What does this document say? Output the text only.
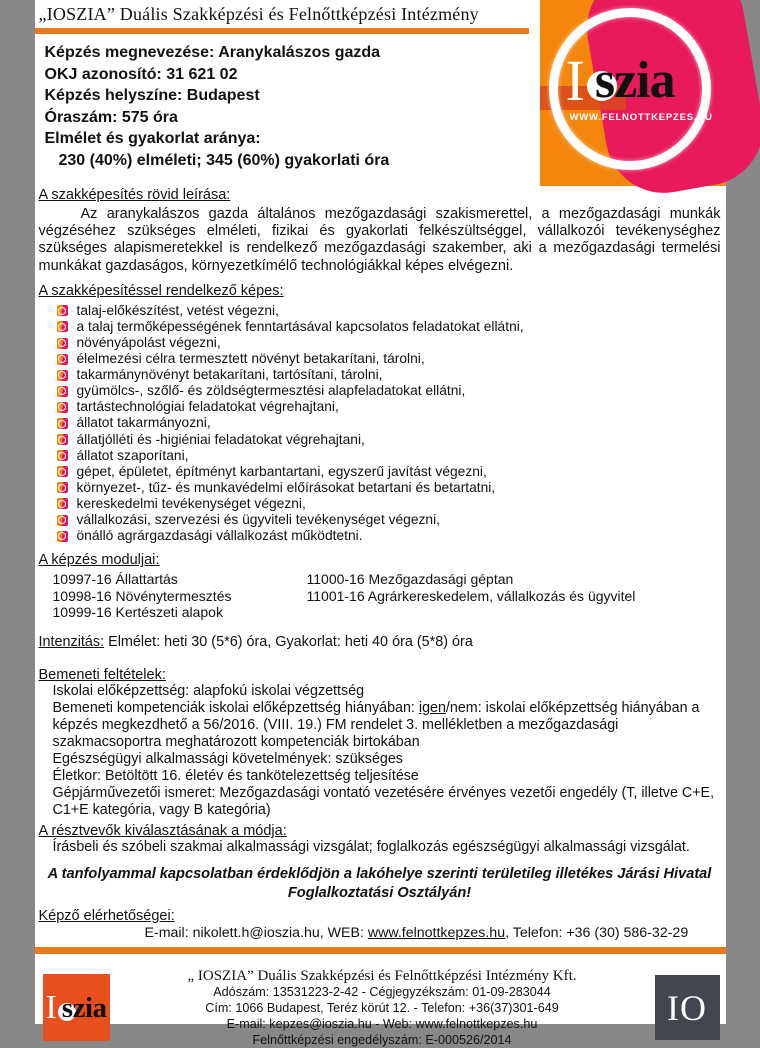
„IOSZIA” Duális Szakképzési és Felnőttképzési Intézmény
I szia
WWW.FELNOTTKEPZES.HU
Képzés megnevezése: Aranykalászos gazda
OKJ azonosító: 31 621 02
Képzés helyszíne: Budapest
Óraszám: 575 óra
Elmélet és gyakorlat aránya:
230 (40%) elméleti; 345 (60%) gyakorlati óra
A szakképesítés rövid leírása:
Az aranykalászos gazda általános mezőgazdasági szakismerettel, a mezőgazdasági munkák végzéséhez szükséges elméleti, fizikai és gyakorlati felkészültséggel, vállalkozói tevékenységhez szükséges alapismeretekkel is rendelkező mezőgazdasági szakember, aki a mezőgazdasági termelési munkákat gazdaságos, környezetkímélő technológiákkal képes elvégezni.
A szakképesítéssel rendelkező képes:
talaj-előkészítést, vetést végezni,
a talaj termőképességének fenntartásával kapcsolatos feladatokat ellátni,
növényápolást végezni,
élelmezési célra termesztett növényt betakarítani, tárolni,
takarmánynövényt betakarítani, tartósítani, tárolni,
gyümölcs-, szőlő- és zöldségtermesztési alapfeladatokat ellátni,
tartástechnológiai feladatokat végrehajtani,
állatot takarmányozni,
állatjólléti és -higiéniai feladatokat végrehajtani,
állatot szaporítani,
gépet, épületet, építményt karbantartani, egyszerű javítást végezni,
környezet-, tűz- és munkavédelmi előírásokat betartani és betartatni,
kereskedelmi tevékenységet végezni,
vállalkozási, szervezési és ügyviteli tevékenységet végezni,
önálló agrárgazdasági vállalkozást működtetni.
A képzés moduljai:
10997-16 Állattartás
10998-16 Növénytermesztés
10999-16 Kertészeti alapok
11000-16 Mezőgazdasági géptan
11001-16 Agrárkereskedelem, vállalkozás és ügyvitel
Intenzitás: Elmélet: heti 30 (5*6) óra, Gyakorlat: heti 40 óra (5*8) óra
Bemeneti feltételek:
Iskolai előképzettség: alapfokú iskolai végzettség
Bemeneti kompetenciák iskolai előképzettség hiányában: igen/nem: iskolai előképzettség hiányában a képzés megkezdhető a 56/2016. (VIII. 19.) FM rendelet 3. mellékletben a mezőgazdasági szakmacsoportra meghatározott kompetenciák birtokában
Egészségügyi alkalmassági követelmények: szükséges
Életkor: Betöltött 16. életév és tankötelezettség teljesítése
Gépjárművezetői ismeret: Mezőgazdasági vontató vezetésére érvényes vezetői engedély (T, illetve C+E, C1+E kategória, vagy B kategória)
A résztvevők kiválasztásának a módja:
Írásbeli és szóbeli szakmai alkalmassági vizsgálat; foglalkozás egészségügyi alkalmassági vizsgálat.
A tanfolyammal kapcsolatban érdeklődjön a lakóhelye szerinti területileg illetékes Járási Hivatal
Foglalkoztatási Osztályán!
Képző elérhetőségei:
E-mail: nikolett.h@ioszia.hu, WEB: www.felnottkepzes.hu, Telefon: +36 (30) 586-32-29
I szia
„ IOSZIA” Duális Szakképzési és Felnőttképzési Intézmény Kft.
Adószám: 13531223-2-42 - Cégjegyzékszám: 01-09-283044
Cím: 1066 Budapest, Teréz körút 12. - Telefon: +36(37)301-649
E-mail: kepzes@ioszia.hu - Web: www.felnottkepzes.hu
Felnőttképzési engedélyszám: E-000526/2014
IO
